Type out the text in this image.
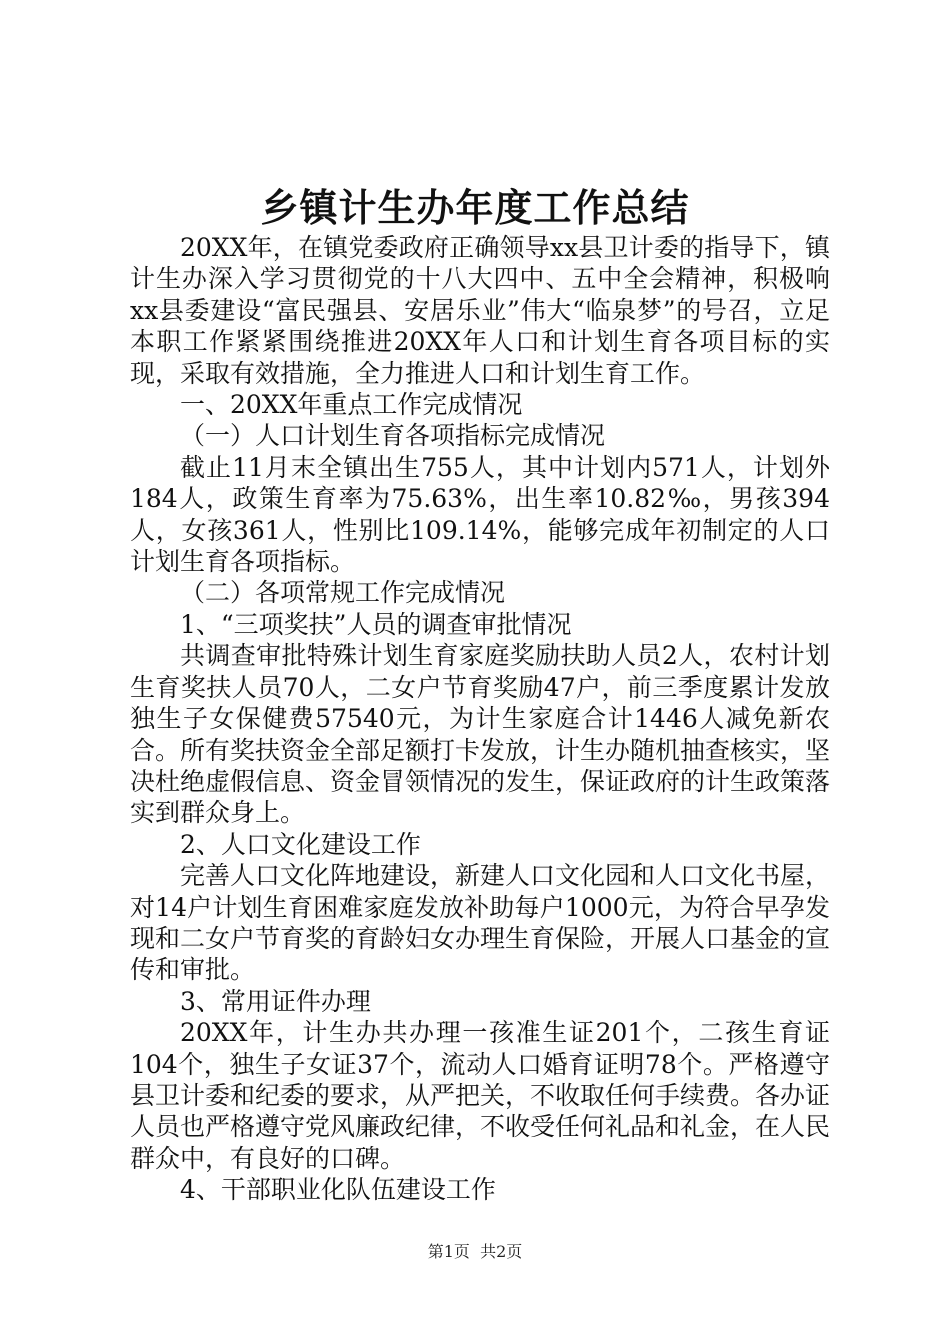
乡镇计生办年度工作总结

20XX年，在镇党委政府正确领导xx县卫计委的指导下，镇计生办深入学习贯彻党的十八大四中、五中全会精神，积极响xx县委建设“富民强县、安居乐业”伟大“临泉梦”的号召，立足本职工作紧紧围绕推进20XX年人口和计划生育各项目标的实现，采取有效措施，全力推进人口和计划生育工作。

一、20XX年重点工作完成情况

（一）人口计划生育各项指标完成情况

截止11月末全镇出生755人，其中计划内571人，计划外184人，政策生育率为75.63%，出生率10.82‰，男孩394人，女孩361人，性别比109.14%，能够完成年初制定的人口计划生育各项指标。

（二）各项常规工作完成情况

1、“三项奖扶”人员的调查审批情况

共调查审批特殊计划生育家庭奖励扶助人员2人，农村计划生育奖扶人员70人，二女户节育奖励47户，前三季度累计发放独生子女保健费57540元，为计生家庭合计1446人减免新农合。所有奖扶资金全部足额打卡发放，计生办随机抽查核实，坚决杜绝虚假信息、资金冒领情况的发生，保证政府的计生政策落实到群众身上。

2、人口文化建设工作

完善人口文化阵地建设，新建人口文化园和人口文化书屋，对14户计划生育困难家庭发放补助每户1000元，为符合早孕发现和二女户节育奖的育龄妇女办理生育保险，开展人口基金的宣传和审批。

3、常用证件办理

20XX年，计生办共办理一孩准生证201个，二孩生育证104个，独生子女证37个，流动人口婚育证明78个。严格遵守县卫计委和纪委的要求，从严把关，不收取任何手续费。各办证人员也严格遵守党风廉政纪律，不收受任何礼品和礼金，在人民群众中，有良好的口碑。

4、干部职业化队伍建设工作

第1页 共2页
